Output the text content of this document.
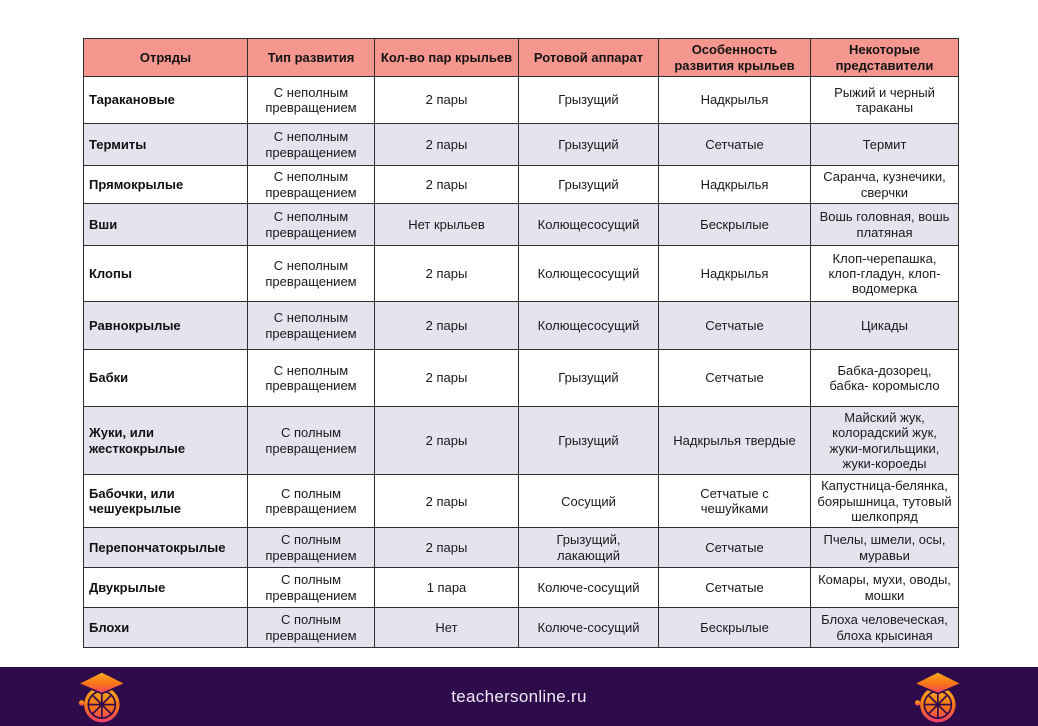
Отряды	Тип развития	Кол-во пар крыльев	Ротовой аппарат	Особенность развития крыльев	Некоторые представители
Таракановые	С неполным превращением	2 пары	Грызущий	Надкрылья	Рыжий и черный тараканы
Термиты	С неполным превращением	2 пары	Грызущий	Сетчатые	Термит
Прямокрылые	С неполным превращением	2 пары	Грызущий	Надкрылья	Саранча, кузнечики, сверчки
Вши	С неполным превращением	Нет крыльев	Колющесосущий	Бескрылые	Вошь головная, вошь платяная
Клопы	С неполным превращением	2 пары	Колющесосущий	Надкрылья	Клоп-черепашка, клоп-гладун, клоп-водомерка
Равнокрылые	С неполным превращением	2 пары	Колющесосущий	Сетчатые	Цикады
Бабки	С неполным превращением	2 пары	Грызущий	Сетчатые	Бабка-дозорец, бабка- коромысло
Жуки, или жесткокрылые	С полным превращением	2 пары	Грызущий	Надкрылья твердые	Майский жук, колорадский жук, жуки-могильщики, жуки-короеды
Бабочки, или чешуекрылые	С полным превращением	2 пары	Сосущий	Сетчатые с чешуйками	Капустница-белянка, боярышница, тутовый шелкопряд
Перепончатокрылые	С полным превращением	2 пары	Грызущий, лакающий	Сетчатые	Пчелы, шмели, осы, муравьи
Двукрылые	С полным превращением	1 пара	Колюче-сосущий	Сетчатые	Комары, мухи, оводы, мошки
Блохи	С полным превращением	Нет	Колюче-сосущий	Бескрылые	Блоха человеческая, блоха крысиная
teachersonline.ru
